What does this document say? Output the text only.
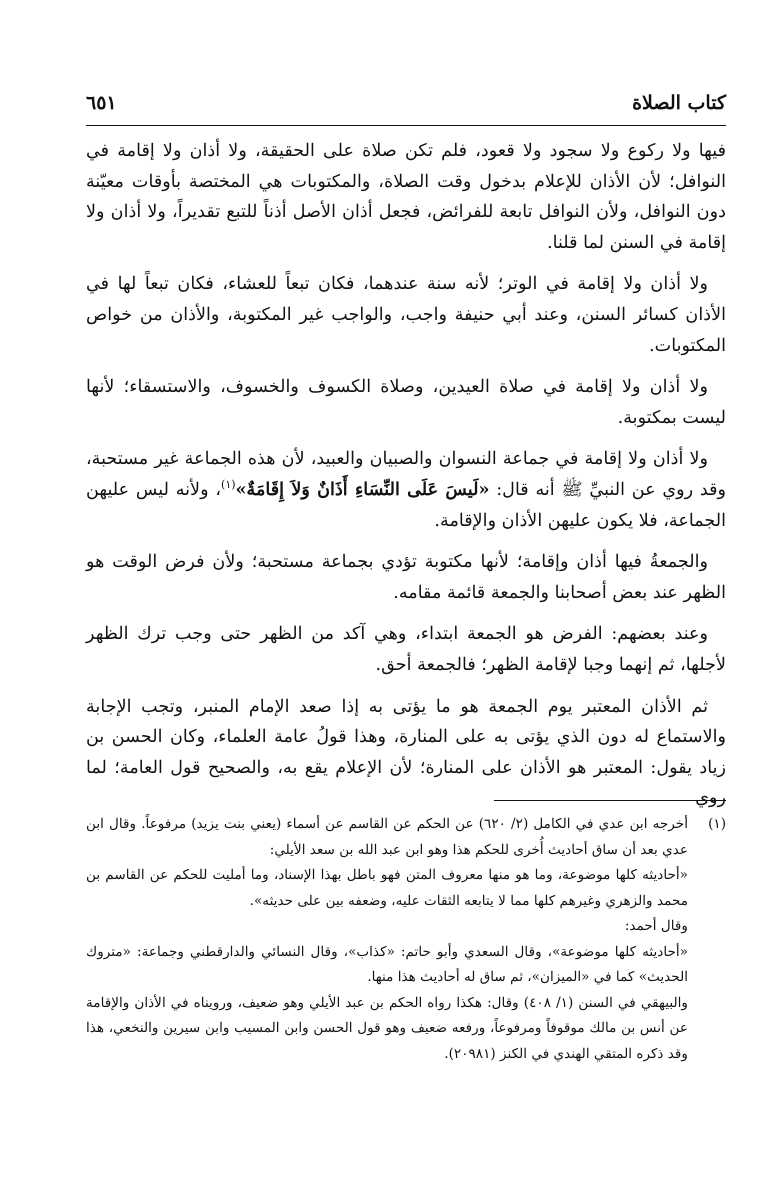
كتاب الصلاة
٦٥١

فيها ولا ركوع ولا سجود ولا قعود، فلم تكن صلاة على الحقيقة، ولا أذان ولا إقامة في النوافل؛ لأن الأذان للإعلام بدخول وقت الصلاة، والمكتوبات هي المختصة بأوقات معيّنة دون النوافل، ولأن النوافل تابعة للفرائض، فجعل أذان الأصل أذناً للتبع تقديراً، ولا أذان ولا إقامة في السنن لما قلنا.

ولا أذان ولا إقامة في الوتر؛ لأنه سنة عندهما، فكان تبعاً للعشاء، فكان تبعاً لها في الأذان كسائر السنن، وعند أبي حنيفة واجب، والواجب غير المكتوبة، والأذان من خواص المكتوبات.

ولا أذان ولا إقامة في صلاة العيدين، وصلاة الكسوف والخسوف، والاستسقاء؛ لأنها ليست بمكتوبة.

ولا أذان ولا إقامة في جماعة النسوان والصبيان والعبيد، لأن هذه الجماعة غير مستحبة، وقد روي عن النبيِّ ﷺ أنه قال: «لَيسَ عَلَى النِّسَاءِ أَذَانٌ وَلاَ إِقَامَةٌ»$^{(١)}$، ولأنه ليس عليهن الجماعة، فلا يكون عليهن الأذان والإقامة.

والجمعةُ فيها أذان وإقامة؛ لأنها مكتوبة تؤدي بجماعة مستحبة؛ ولأن فرض الوقت هو الظهر عند بعض أصحابنا والجمعة قائمة مقامه.

وعند بعضهم: الفرض هو الجمعة ابتداء، وهي آكد من الظهر حتى وجب ترك الظهر لأجلها، ثم إنهما وجبا لإقامة الظهر؛ فالجمعة أحق.

ثم الأذان المعتبر يوم الجمعة هو ما يؤتى به إذا صعد الإمام المنبر، وتجب الإجابة والاستماع له دون الذي يؤتى به على المنارة، وهذا قولُ عامة العلماء، وكان الحسن بن زياد يقول: المعتبر هو الأذان على المنارة؛ لأن الإعلام يقع به، والصحيح قول العامة؛ لما روي

(١)

أخرجه ابن عدي في الكامل (٢/ ٦٢٠) عن الحكم عن القاسم عن أسماء (يعني بنت يزيد) مرفوعاً. وقال ابن عدي بعد أن ساق أحاديث أُخرى للحكم هذا وهو ابن عبد الله بن سعد الأيلي:

«أحاديثه كلها موضوعة، وما هو منها معروف المتن فهو باطل بهذا الإسناد، وما أمليت للحكم عن القاسم بن محمد والزهري وغيرهم كلها مما لا يتابعه الثقات عليه، وضعفه بين على حديثه».

وقال أحمد:

«أحاديثه كلها موضوعة»، وقال السعدي وأبو حاتم: «كذاب»، وقال النسائي والدارقطني وجماعة: «متروك الحديث» كما في «الميزان»، ثم ساق له أحاديث هذا منها.

والبيهقي في السنن (١/ ٤٠٨) وقال: هكذا رواه الحكم بن عبد الأيلي وهو ضعيف، ورويناه في الأذان والإقامة عن أنس بن مالك موقوفاً ومرفوعاً، ورفعه ضعيف وهو قول الحسن وابن المسيب وابن سيرين والنخعي، هذا وقد ذكره المتقي الهندي في الكنز (٢٠٩٨١).
